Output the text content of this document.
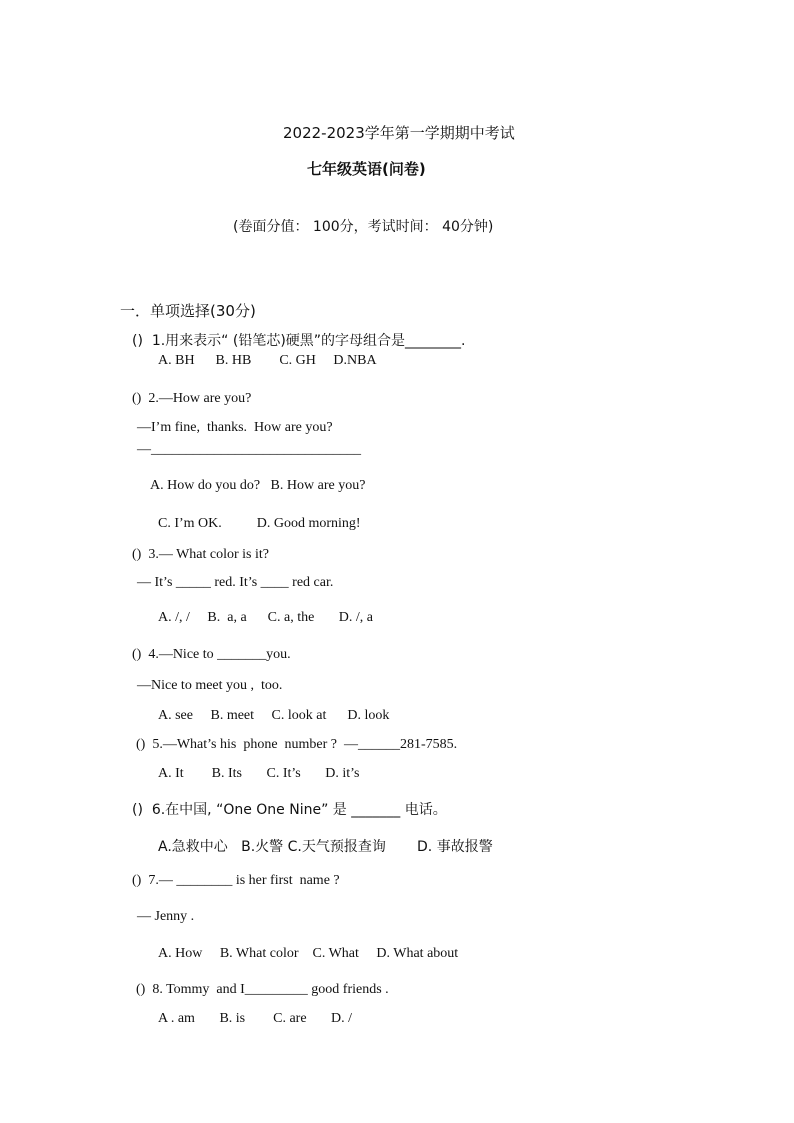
2022-2023学年第一学期期中考试
七年级英语(问卷)
(卷面分值： 100分，考试时间： 40分钟)
一．单项选择(30分)
()  1.用来表示“ (铅笔芯)硬黑”的字母组合是________.
A. BH      B. HB        C. GH     D.NBA
()  2.—How are you?
—I’m fine,  thanks.  How are you?
—______________________________
A. How do you do?   B. How are you?
C. I’m OK.          D. Good morning!
()  3.— What color is it?
— It’s _____ red. It’s ____ red car.
A. /, /     B.  a, a      C. a, the       D. /, a
()  4.—Nice to _______you.
—Nice to meet you ,  too.
A. see     B. meet     C. look at      D. look
()  5.—What’s his  phone  number ?  —______281-7585.
A. It        B. Its       C. It’s       D. it’s
()  6.在中国, “One One Nine” 是 _______ 电话。
A.急救中心   B.火警 C.天气预报查询       D. 事故报警
()  7.— ________ is her first  name ?
— Jenny .
A. How     B. What color    C. What     D. What about
()  8. Tommy  and I_________ good friends .
A . am       B. is        C. are       D. /
